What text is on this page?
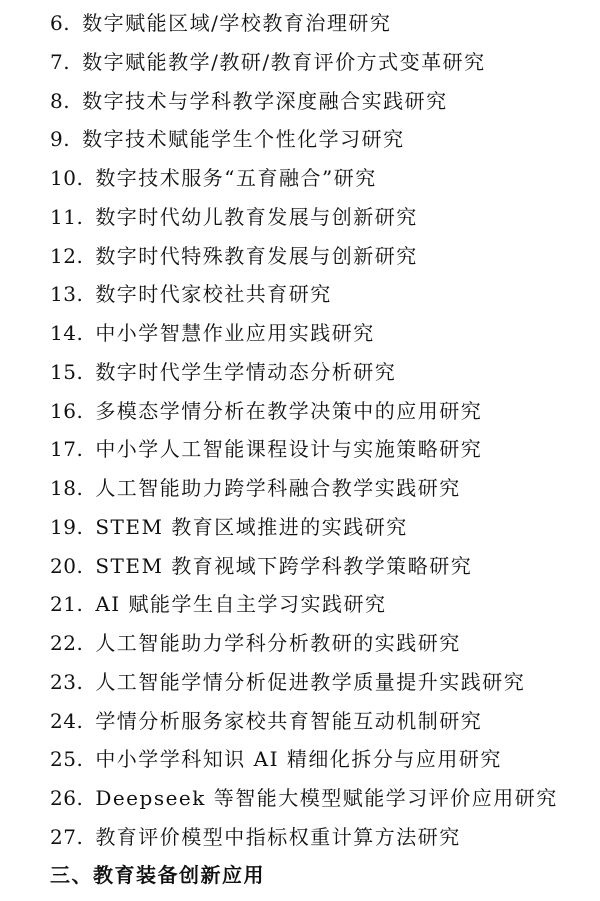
6. 数字赋能区域/学校教育治理研究
7. 数字赋能教学/教研/教育评价方式变革研究
8. 数字技术与学科教学深度融合实践研究
9. 数字技术赋能学生个性化学习研究
10. 数字技术服务“五育融合”研究
11. 数字时代幼儿教育发展与创新研究
12. 数字时代特殊教育发展与创新研究
13. 数字时代家校社共育研究
14. 中小学智慧作业应用实践研究
15. 数字时代学生学情动态分析研究
16. 多模态学情分析在教学决策中的应用研究
17. 中小学人工智能课程设计与实施策略研究
18. 人工智能助力跨学科融合教学实践研究
19. STEM 教育区域推进的实践研究
20. STEM 教育视域下跨学科教学策略研究
21. AI 赋能学生自主学习实践研究
22. 人工智能助力学科分析教研的实践研究
23. 人工智能学情分析促进教学质量提升实践研究
24. 学情分析服务家校共育智能互动机制研究
25. 中小学学科知识 AI 精细化拆分与应用研究
26. Deepseek 等智能大模型赋能学习评价应用研究
27. 教育评价模型中指标权重计算方法研究
三、教育装备创新应用
